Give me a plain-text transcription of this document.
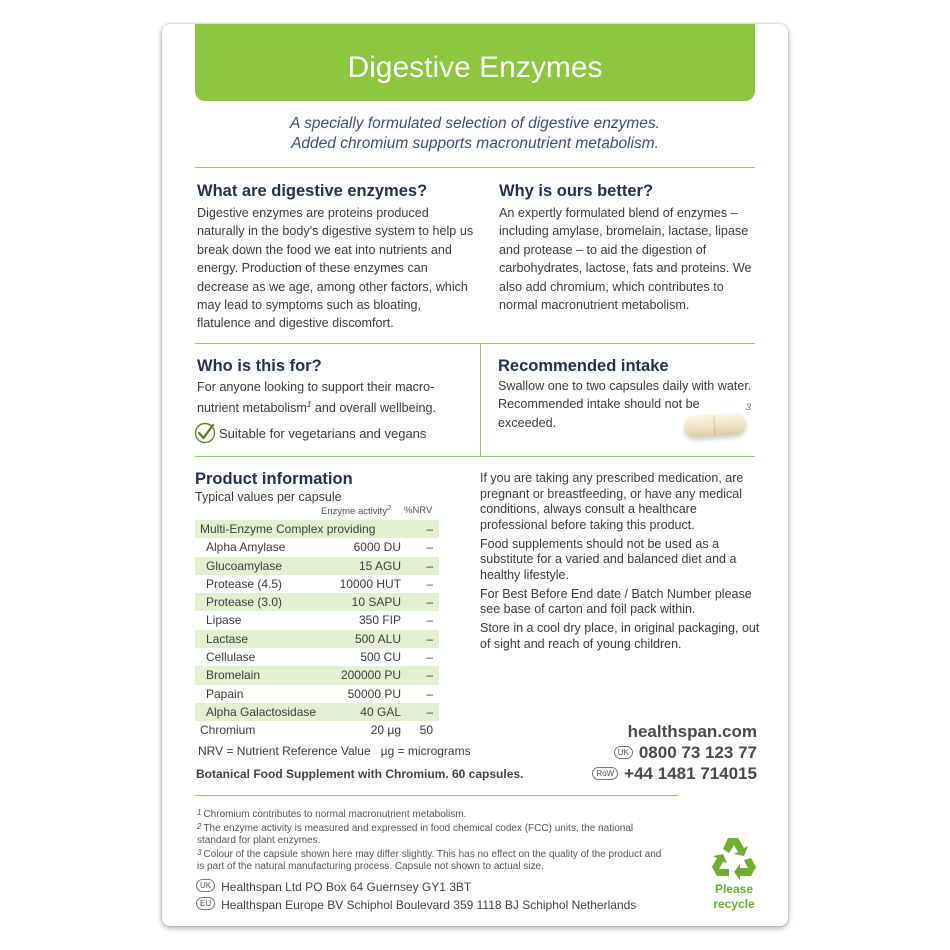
Digestive Enzymes
A specially formulated selection of digestive enzymes.
Added chromium supports macronutrient metabolism.
What are digestive enzymes?
Digestive enzymes are proteins produced naturally in the body's digestive system to help us break down the food we eat into nutrients and energy. Production of these enzymes can decrease as we age, among other factors, which may lead to symptoms such as bloating, flatulence and digestive discomfort.
Why is ours better?
An expertly formulated blend of enzymes – including amylase, bromelain, lactase, lipase and protease – to aid the digestion of carbohydrates, lactose, fats and proteins. We also add chromium, which contributes to normal macronutrient metabolism.
Who is this for?
For anyone looking to support their macro-nutrient metabolism$^1$ and overall wellbeing.
Suitable for vegetarians and vegans
Recommended intake
Swallow one to two capsules daily with water. Recommended intake should not be exceeded.
3
Product information
Typical values per capsule
Enzyme activity$^2$ %NRV
Multi-Enzyme Complex providing	–
Alpha Amylase	6000 DU –
Glucoamylase	15 AGU –
Protease (4.5)	10000 HUT –
Protease (3.0)	10 SAPU –
Lipase	350 FIP –
Lactase	500 ALU –
Cellulase	500 CU –
Bromelain	200000 PU –
Papain	50000 PU –
Alpha Galactosidase	40 GAL –
Chromium	20 µg 50
NRV = Nutrient Reference Value   µg = micrograms
Botanical Food Supplement with Chromium. 60 capsules.

If you are taking any prescribed medication, are pregnant or breastfeeding, or have any medical conditions, always consult a healthcare professional before taking this product.

Food supplements should not be used as a substitute for a varied and balanced diet and a healthy lifestyle.

For Best Before End date / Batch Number please see base of carton and foil pack within.

Store in a cool dry place, in original packaging, out of sight and reach of young children.

healthspan.com
UK 0800 73 123 77
RoW +44 1481 714015
$^1$ Chromium contributes to normal macronutrient metabolism.
$^2$ The enzyme activity is measured and expressed in food chemical codex (FCC) units, the national standard for plant enzymes.
$^3$ Colour of the capsule shown here may differ slightly. This has no effect on the quality of the product and is part of the natural manufacturing process. Capsule not shown to actual size.
UK Healthspan Ltd PO Box 64 Guernsey GY1 3BT
EU Healthspan Europe BV Schiphol Boulevard 359 1118 BJ Schiphol Netherlands
Please
recycle
